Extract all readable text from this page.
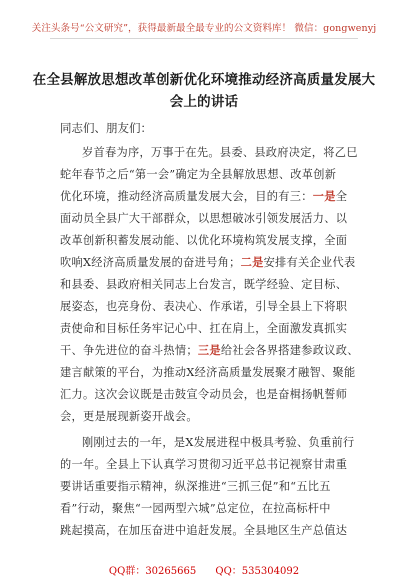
关注头条号“公文研究”，获得最新最全最专业的公文资料库！ 微信：gongwenyj
在全县解放思想改革创新优化环境推动经济高质量发展大
会上的讲话
同志们、朋友们：
岁首春为序，万事于在先。县委、县政府决定，将乙巳
蛇年春节之后“第一会”确定为全县解放思想、改革创新
优化环境，推动经济高质量发展大会，目的有三：一是全
面动员全县广大干部群众，以思想破冰引领发展活力、以
改革创新积蓄发展动能、以优化环境构筑发展支撑，全面
吹响X经济高质量发展的奋进号角；二是安排有关企业代表
和县委、县政府相关同志上台发言，既学经验、定目标、
展姿态，也亮身份、表决心、作承诺，引导全县上下将职
责使命和目标任务牢记心中、扛在肩上，全面激发真抓实
干、争先进位的奋斗热情；三是给社会各界搭建参政议政、
建言献策的平台，为推动X经济高质量发展聚才融智、聚能
汇力。这次会议既是击鼓宣令动员会，也是奋楫扬帆誓师
会，更是展现新姿开战会。
刚刚过去的一年，是X发展进程中极具考验、负重前行
的一年。全县上下认真学习贯彻习近平总书记视察甘肃重
要讲话重要指示精神，纵深推进“三抓三促”和“五比五
看”行动，聚焦“一园两型六城”总定位，在拉高标杆中
跳起摸高，在加压奋进中追赶发展。全县地区生产总值达
QQ群：30265665 QQ：535304092
